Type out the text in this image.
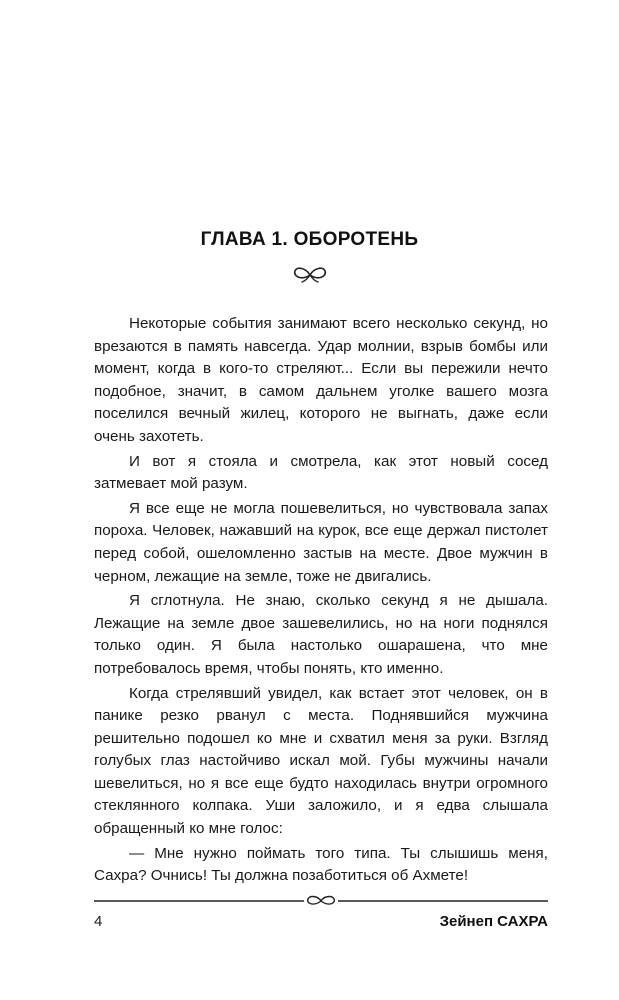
ГЛАВА 1. ОБОРОТЕНЬ

Некоторые события занимают всего несколько секунд, но врезаются в память навсегда. Удар молнии, взрыв бомбы или момент, когда в кого-то стреляют... Если вы пережили нечто подобное, значит, в самом дальнем уголке вашего мозга поселился вечный жилец, которого не выгнать, даже если очень захотеть.

И вот я стояла и смотрела, как этот новый сосед затмевает мой разум.

Я все еще не могла пошевелиться, но чувствовала запах пороха. Человек, нажавший на курок, все еще держал пистолет перед собой, ошеломленно застыв на месте. Двое мужчин в черном, лежащие на земле, тоже не двигались.

Я сглотнула. Не знаю, сколько секунд я не дышала. Лежащие на земле двое зашевелились, но на ноги поднялся только один. Я была настолько ошарашена, что мне потребовалось время, чтобы понять, кто именно.

Когда стрелявший увидел, как встает этот человек, он в панике резко рванул с места. Поднявшийся мужчина решительно подошел ко мне и схватил меня за руки. Взгляд голубых глаз настойчиво искал мой. Губы мужчины начали шевелиться, но я все еще будто находилась внутри огромного стеклянного колпака. Уши заложило, и я едва слышала обращенный ко мне голос:

— Мне нужно поймать того типа. Ты слышишь меня, Сахра? Очнись! Ты должна позаботиться об Ахмете!

4	Зейнеп САХРА
